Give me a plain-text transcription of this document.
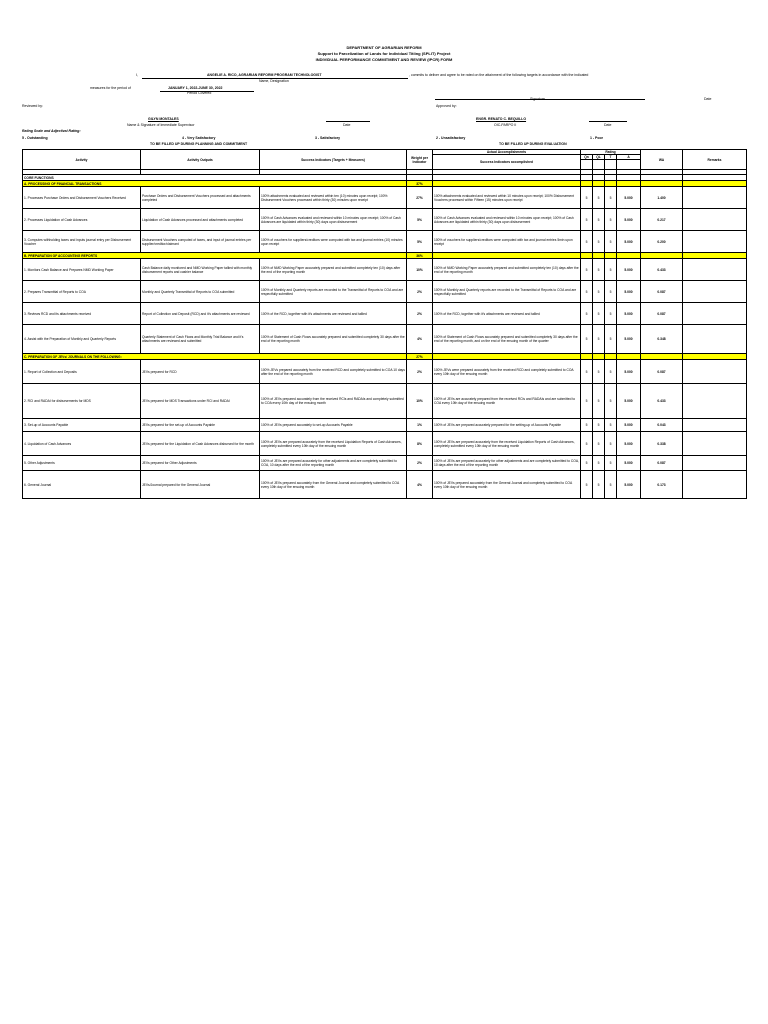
DEPARTMENT OF AGRARIAN REFORM
Support to Parcelization of Lands for Individual Titling (SPLIT) Project
INDIVIDUAL PERFORMANCE COMMITMENT AND REVIEW (IPCR) FORM
I,	ANGELIE A. RICO, AGRARIAN REFORM PROGRAM TECHNOLOGIST
Name, Designation
, commits to deliver and agree to be rated on the attainment of the following targets in accordance with the indicated
measures for the period of	JANUARY 1, 2022-JUNE 30, 2022
Period Covered
Signature	Date
Reviewed by:	Approved by:
GILYN MONTALES
Name & Signature of Immediate Supervisor	Date
ENGR. RENATO C. BEQUILLO
OIC-PARPO II	Date
Rating Scale and Adjectival Rating:
5 - Outstanding	4 - Very Satisfactory	3 - Satisfactory	2 - Unsatisfactory	1 - Poor
TO BE FILLED UP DURING PLANNING AND COMMITMENT	TO BE FILLED UP DURING EVALUATION
Activity	Activity Outputs	Success Indicators (Targets + Measures)	Weight per Indicator	Actual Accomplishments	Rating				WA	Remarks
				Success Indicators accomplished	Qn	QL	T	A		

CORE FUNCTIONS										
A. PROCESSING OF FINANCIAL TRANSACTIONS			37%							
1. Processes Purchase Orders and Disbursement Vouchers Received	Purchase Orders and Disbursement Vouchers processed and attachments completed	100% attachments evaluated and reviewed within ten (10) minutes upon receipt; 100% Disbursement Vouchers processed within thirty (30) minutes upon receipt	27%	100% attachments evaluated and reviewed within 10 minutes upon receipt; 100% Disbursement Vouchers processed within Fifteen (15) minutes upon receipt	5	5	5	5.000	1.400	
2. Processes Liquidation of Cash Advances	Liquidation of Cash Advances processed and attachments completed	100% of Cash Advances evaluated and reviewed within 10 minutes upon receipt; 100% of Cash Advances are liquidated within thirty (30) days upon disbursement	5%	100% of Cash Advances evaluated and reviewed within 10 minutes upon receipt; 100% of Cash Advances are liquidated within thirty (30) days upon disbursement	5	5	5	5.000	0.217	
3. Computes withholding taxes and inputs journal entry per Disbursement Voucher	Disbursement Vouchers computed of taxes, and input of journal entries per supplier/creditor/claimant	100% of vouchers for suppliers/creditors were computed with tax and journal entries (10) minutes upon receipt	5%	100% of vouchers for suppliers/creditors were computed with tax and journal entries 5min upon receipt	5	5	5	5.000	0.200	
B. PREPARATION OF ACCOUNTING REPORTS			36%							
1. Monitors Cash Balance and Prepares NMD Working Paper	Cash Balance daily monitored and NMD Working Paper tallied with monthly disbursement reports and cashier balance	100% of NMD Working Paper accurately prepared and submitted completely ten (10) days after the end of the reporting month	10%	100% of NMD Working Paper accurately prepared and submitted completely ten (10) days after the end of the reporting month	5	5	5	5.000	0.433	
2. Prepares Transmittal of Reports to COA	Monthly and Quarterly Transmittal of Reports to COA submitted	100% of Monthly and Quarterly reports are recorded to the Transmittal of Reports to COA and are respectfully submitted	2%	100% of Monthly and Quarterly reports are recorded to the Transmittal of Reports to COA and are respectfully submitted	5	5	5	5.000	0.087	
3. Reviews RCD and its attachments received	Report of Collection and Deposit (RCD) and it's attachments are reviewed	100% of the RCD, together with it's attachments are reviewed and tallied	2%	100% of the RCD, together with it's attachments are reviewed and tallied	5	5	5	5.000	0.087	
4. Assist with the Preparation of Monthly and Quarterly Reports	Quarterly Statement of Cash Flows and Monthly Trial Balance and it's attachments are reviewed and submitted	100% of Statement of Cash Flows accurately prepared and submitted completely 30 days after the end of the reporting month	4%	100% of Statement of Cash Flows accurately prepared and submitted completely 30 days after the end of the reporting month, and on the end of the ensuing month of the quarter	5	5	5	5.000	0.348	
C. PREPARATION OF JEVs/ JOURNALS ON THE FOLLOWING:			27%							
1. Report of Collection and Deposits	JEVs prepared for RCD	100% JEVs prepared accurately from the received RCD and completely submitted to COA 10 days after the end of the reporting month	2%	100% JEVs were prepared accurately from the received RCD and completely submitted to COA every 10th day of the ensuing month	5	5	5	5.000	0.087	
2. RCI and RADAI for disbursements for MDS	JEVs prepared for MDS Transactions under RCI and RADAI	100% of JEVs prepared accurately from the received RCIs and RADAIs and completely submitted to COA every 10th day of the ensuing month	10%	100% of JEVs are accurately prepared from the received RCIs and RADAIs and are submitted to COA every 10th day of the ensuing month	5	5	5	5.000	0.433	
3. Set-up of Accounts Payable	JEVs prepared for the set-up of Accounts Payable	100% of JEVs prepared accurately to set-up Accounts Payable	1%	100% of JEVs are prepared accurately prepared for the setting-up of Accounts Payable	5	5	5	5.000	0.043	
4. Liquidation of Cash Advances	JEVs prepared for the Liquidation of Cash Advances disbursed for the month	100% of JEVs are prepared accurately from the received Liquidation Reports of Cash Advances, completely submitted every 10th day of the ensuing month	8%	100% of JEVs are prepared accurately from the received Liquidation Reports of Cash Advances, completely submitted every 10th day of the ensuing month	5	5	5	5.000	0.338	
5. Other Adjustments	JEVs prepared for Other Adjustments	100% of JEVs are prepared accurately for other adjustments and are completely submitted to COA, 10 days after the end of the reporting month	2%	100% of JEVs are prepared accurately for other adjustments and are completely submitted to COA, 10 days after the end of the reporting month	5	5	5	5.000	0.087	
6. General Journal	JEVs/Journal prepared for the General Journal	100% of JEVs prepared accurately from the General Journal and completely submitted to COA every 10th day of the ensuing month	4%	100% of JEVs prepared accurately from the General Journal and completely submitted to COA every 10th day of the ensuing month	5	5	5	5.000	0.173	
